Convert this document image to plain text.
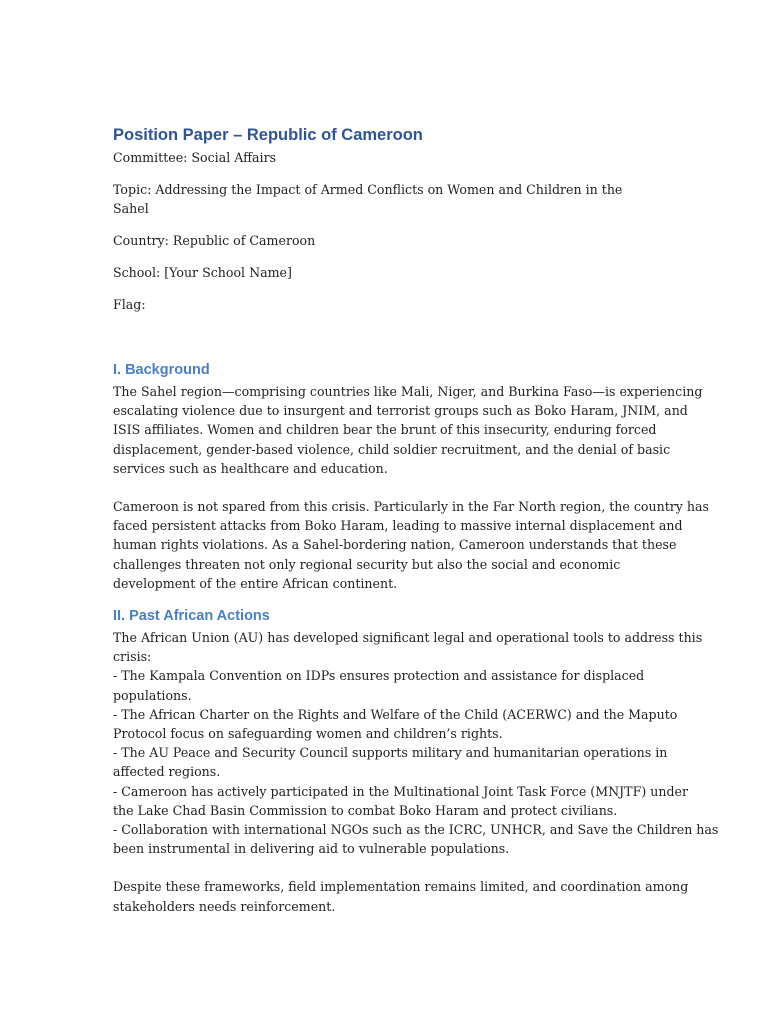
Position Paper – Republic of Cameroon

Committee: Social Affairs

Topic: Addressing the Impact of Armed Conflicts on Women and Children in the Sahel

Country: Republic of Cameroon

School: [Your School Name]

Flag:

I. Background

The Sahel region—comprising countries like Mali, Niger, and Burkina Faso—is experiencing
escalating violence due to insurgent and terrorist groups such as Boko Haram, JNIM, and
ISIS affiliates. Women and children bear the brunt of this insecurity, enduring forced
displacement, gender-based violence, child soldier recruitment, and the denial of basic
services such as healthcare and education.

Cameroon is not spared from this crisis. Particularly in the Far North region, the country has
faced persistent attacks from Boko Haram, leading to massive internal displacement and
human rights violations. As a Sahel-bordering nation, Cameroon understands that these
challenges threaten not only regional security but also the social and economic
development of the entire African continent.

II. Past African Actions

The African Union (AU) has developed significant legal and operational tools to address this
crisis:
- The Kampala Convention on IDPs ensures protection and assistance for displaced
populations.
- The African Charter on the Rights and Welfare of the Child (ACERWC) and the Maputo
Protocol focus on safeguarding women and children’s rights.
- The AU Peace and Security Council supports military and humanitarian operations in
affected regions.
- Cameroon has actively participated in the Multinational Joint Task Force (MNJTF) under
the Lake Chad Basin Commission to combat Boko Haram and protect civilians.
- Collaboration with international NGOs such as the ICRC, UNHCR, and Save the Children has
been instrumental in delivering aid to vulnerable populations.

Despite these frameworks, field implementation remains limited, and coordination among
stakeholders needs reinforcement.
